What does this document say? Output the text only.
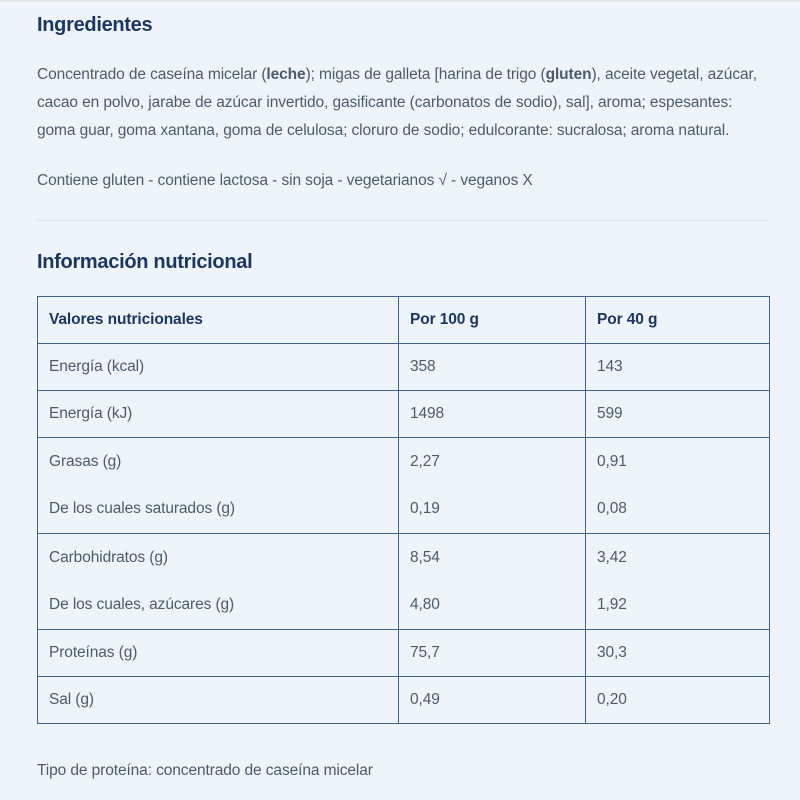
Ingredientes

Concentrado de caseína micelar (leche); migas de galleta [harina de trigo (gluten), aceite vegetal, azúcar, cacao en polvo, jarabe de azúcar invertido, gasificante (carbonatos de sodio), sal], aroma; espesantes: goma guar, goma xantana, goma de celulosa; cloruro de sodio; edulcorante: sucralosa; aroma natural.

Contiene gluten - contiene lactosa - sin soja - vegetarianos √ - veganos X

Información nutricional
Valores nutricionales	Por 100 g	Por 40 g
Energía (kcal)	358	143
Energía (kJ)	1498	599
Grasas (g)	2,27	0,91
De los cuales saturados (g)	0,19	0,08
Carbohidratos (g)	8,54	3,42
De los cuales, azúcares (g)	4,80	1,92
Proteínas (g)	75,7	30,3
Sal (g)	0,49	0,20

Tipo de proteína: concentrado de caseína micelar
